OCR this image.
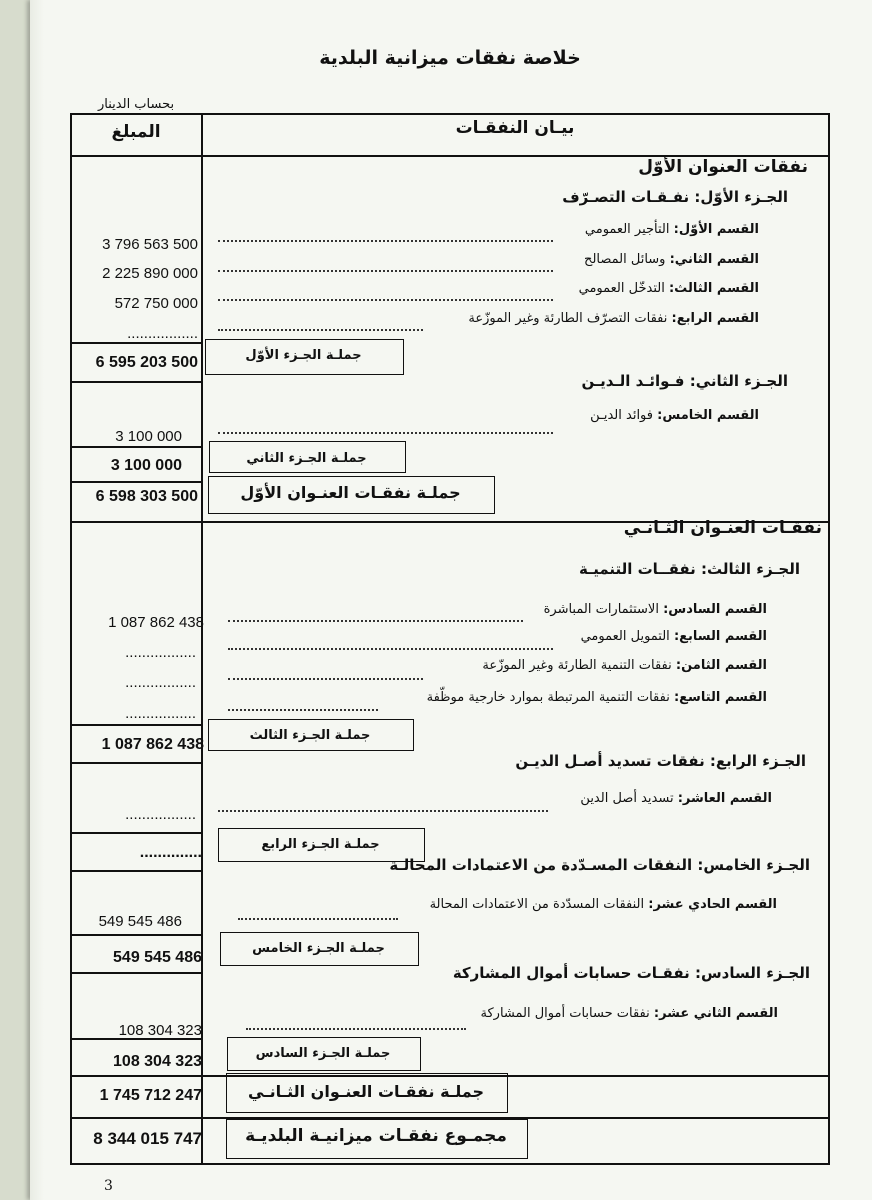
خلاصة نفقات ميزانية البلدية
بحساب الدينار
المبلغ	بيـان النفقـات
نفقات العنوان الأوّل
الجـزء الأوّل: نفـقـات التصـرّف
القسم الأوّل: التأجير العمومي
3 796 563 500
القسم الثاني: وسائل المصالح
2 225 890 000
القسم الثالث: التدخّل العمومي
572 750 000
القسم الرابع: نفقات التصرّف الطارئة وغير الموزّعة
.................
جملـة الجـزء الأوّل
6 595 203 500
الجـزء الثاني: فـوائـد الـديـن
القسم الخامس: فوائد الديـن
3 100 000
جملـة الجـزء الثاني
3 100 000
جملـة نفقـات العنـوان الأوّل
6 598 303 500
نفقـات العنـوان الثـانـي
الجـزء الثالث: نفقــات التنميـة
القسم السادس: الاستثمارات المباشرة
1 087 862 438
القسم السابع: التمويل العمومي
.................
القسم الثامن: نفقات التنمية الطارئة وغير الموزّعة
.................
القسم التاسع: نفقات التنمية المرتبطة بموارد خارجية موظّفة
.................
جملـة الجـزء الثالث
1 087 862 438
الجـزء الرابع: نفقات تسديد أصـل الديـن
القسم العاشر: تسديد أصل الدين
.................
جملـة الجـزء الرابع
..............
الجـزء الخامس: النفقات المسـدّدة من الاعتمادات المحالـة
القسم الحادي عشر: النفقات المسدّدة من الاعتمادات المحالة
549 545 486
جملـة الجـزء الخامس
549 545 486
الجـزء السادس: نفقـات حسابات أموال المشاركة
القسم الثاني عشر: نفقات حسابات أموال المشاركة
108 304 323
جملـة الجـزء السادس
108 304 323
جملـة نفقـات العنـوان الثـانـي
1 745 712 247
مجمـوع نفقـات ميزانيـة البلديـة
8 344 015 747
3
